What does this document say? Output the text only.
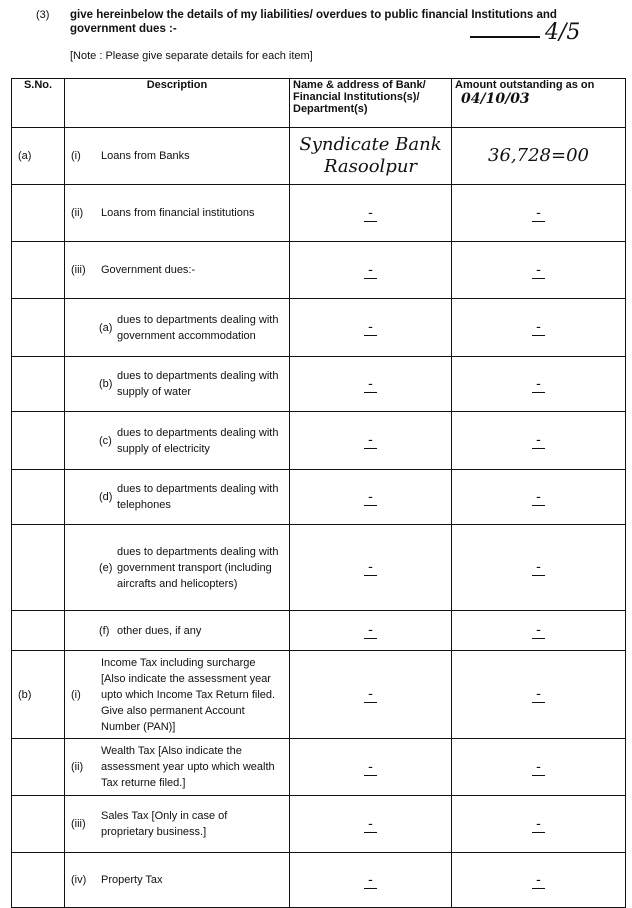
(3) give hereinbelow the details of my liabilities/ overdues to public financial Institutions and government dues :-
[Note : Please give separate details for each item]
4/5
S.No.	Description	Name & address of Bank/ Financial Institutions(s)/ Department(s)	Amount outstanding as on 04/10/03
(a)	(i) Loans from Banks	Syndicate Bank Rasoolpur	36,728=00

	(ii) Loans from financial institutions	-	-

	(iii) Government dues:-	-	-

	(a)
dues to departments dealing with government accommodation	-	-

	(b)
dues to departments dealing with supply of water	-	-

	(c)
dues to departments dealing with supply of electricity	-	-

	(d)
dues to departments dealing with telephones	-	-

	(e)
dues to departments dealing with government transport (including aircrafts and helicopters)	-	-

	(f) other dues, if any	-	-
(b)	(i)
Income Tax including surcharge [Also indicate the assessment year upto which Income Tax Return filed. Give also permanent Account Number (PAN)]	-	-

	(ii)
Wealth Tax [Also indicate the assessment year upto which wealth Tax returne filed.]	-	-

	(iii)
Sales Tax [Only in case of proprietary business.]	-	-

	(iv) Property Tax	-	-
